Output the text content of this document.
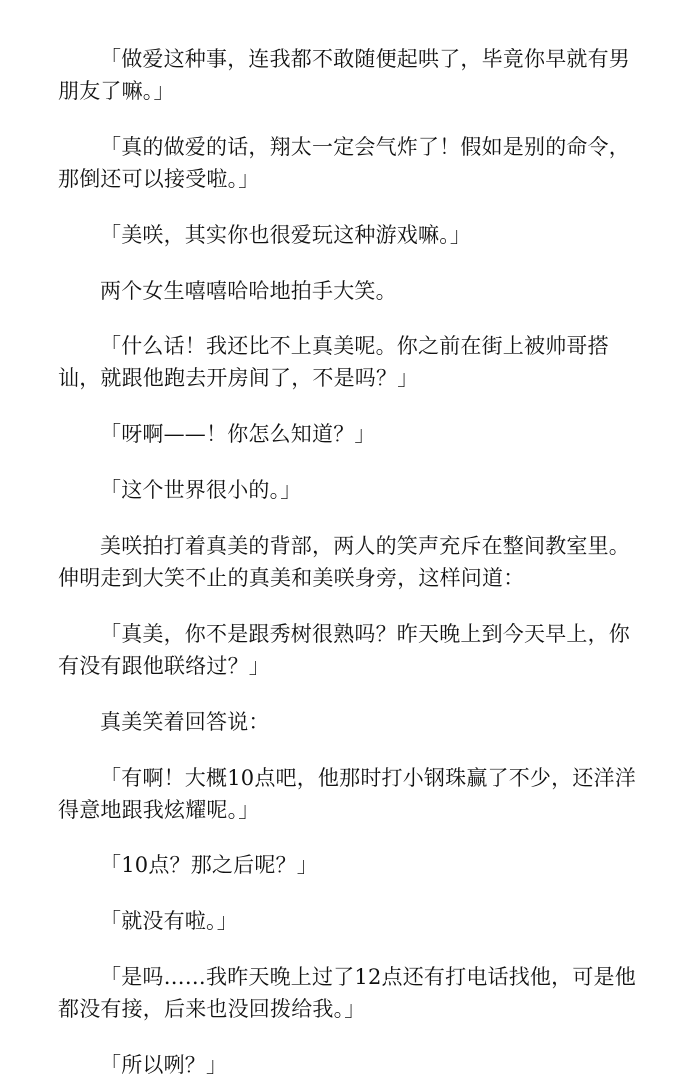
「做爱这种事，连我都不敢随便起哄了，毕竟你早就有男朋友了嘛。」

「真的做爱的话，翔太一定会气炸了！假如是别的命令，那倒还可以接受啦。」

「美咲，其实你也很爱玩这种游戏嘛。」

两个女生嘻嘻哈哈地拍手大笑。

「什么话！我还比不上真美呢。你之前在街上被帅哥搭讪，就跟他跑去开房间了，不是吗？」

「呀啊——！你怎么知道？」

「这个世界很小的。」

美咲拍打着真美的背部，两人的笑声充斥在整间教室里。伸明走到大笑不止的真美和美咲身旁，这样问道：

「真美，你不是跟秀树很熟吗？昨天晚上到今天早上，你有没有跟他联络过？」

真美笑着回答说：

「有啊！大概10点吧，他那时打小钢珠赢了不少，还洋洋得意地跟我炫耀呢。」

「10点？那之后呢？」

「就没有啦。」

「是吗……我昨天晚上过了12点还有打电话找他，可是他都没有接，后来也没回拨给我。」

「所以咧？」
